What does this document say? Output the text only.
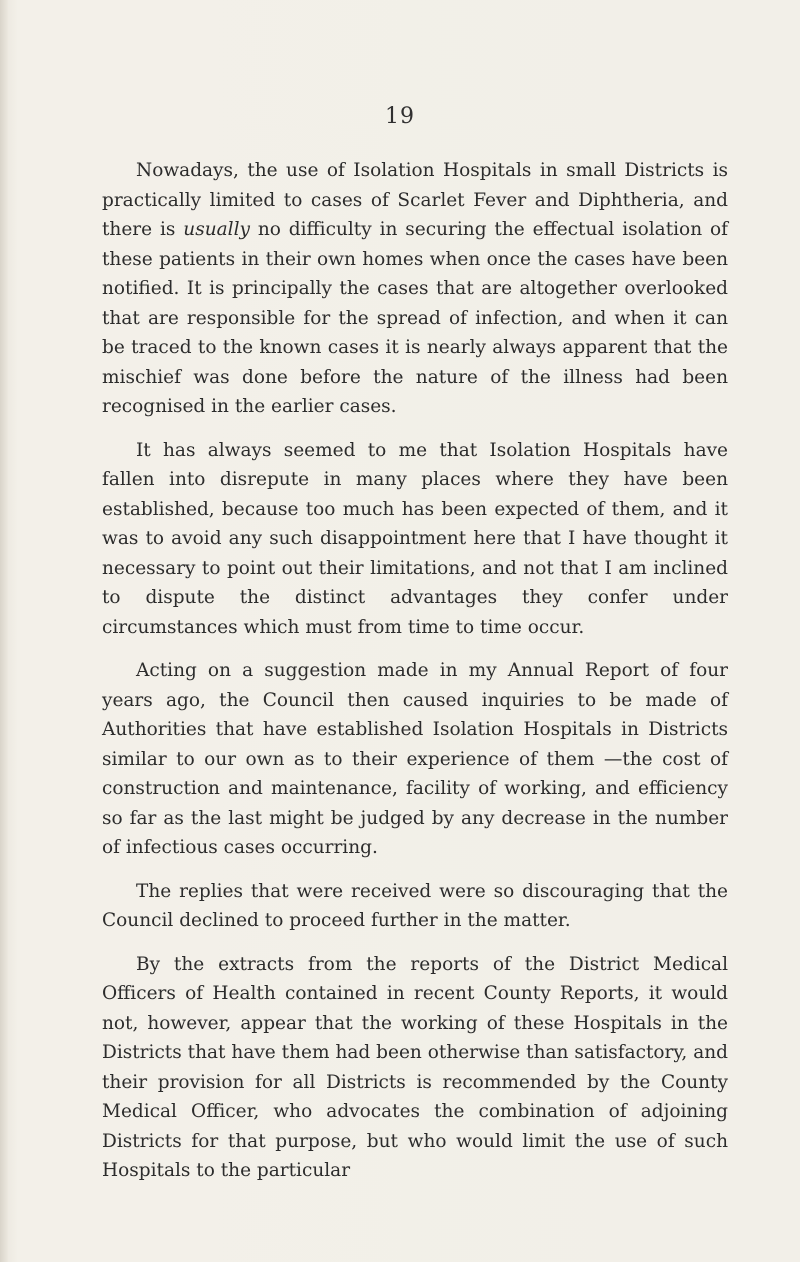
19

Nowadays, the use of Isolation Hospitals in small Districts is practically limited to cases of Scarlet Fever and Diphtheria, and there is usually no difficulty in securing the effectual isolation of these patients in their own homes when once the cases have been notified. It is principally the cases that are altogether overlooked that are responsible for the spread of infection, and when it can be traced to the known cases it is nearly always apparent that the mischief was done before the nature of the illness had been recognised in the earlier cases.

It has always seemed to me that Isolation Hospitals have fallen into disrepute in many places where they have been established, because too much has been expected of them, and it was to avoid any such disappointment here that I have thought it necessary to point out their limitations, and not that I am inclined to dispute the distinct advantages they confer under circumstances which must from time to time occur.

Acting on a suggestion made in my Annual Report of four years ago, the Council then caused inquiries to be made of Authorities that have established Isolation Hospitals in Districts similar to our own as to their experience of them —the cost of construction and maintenance, facility of working, and efficiency so far as the last might be judged by any decrease in the number of infectious cases occurring.

The replies that were received were so discouraging that the Council declined to proceed further in the matter.

By the extracts from the reports of the District Medical Officers of Health contained in recent County Reports, it would not, however, appear that the working of these Hospitals in the Districts that have them had been otherwise than satisfactory, and their provision for all Districts is recommended by the County Medical Officer, who advocates the combination of adjoining Districts for that purpose, but who would limit the use of such Hospitals to the particular
